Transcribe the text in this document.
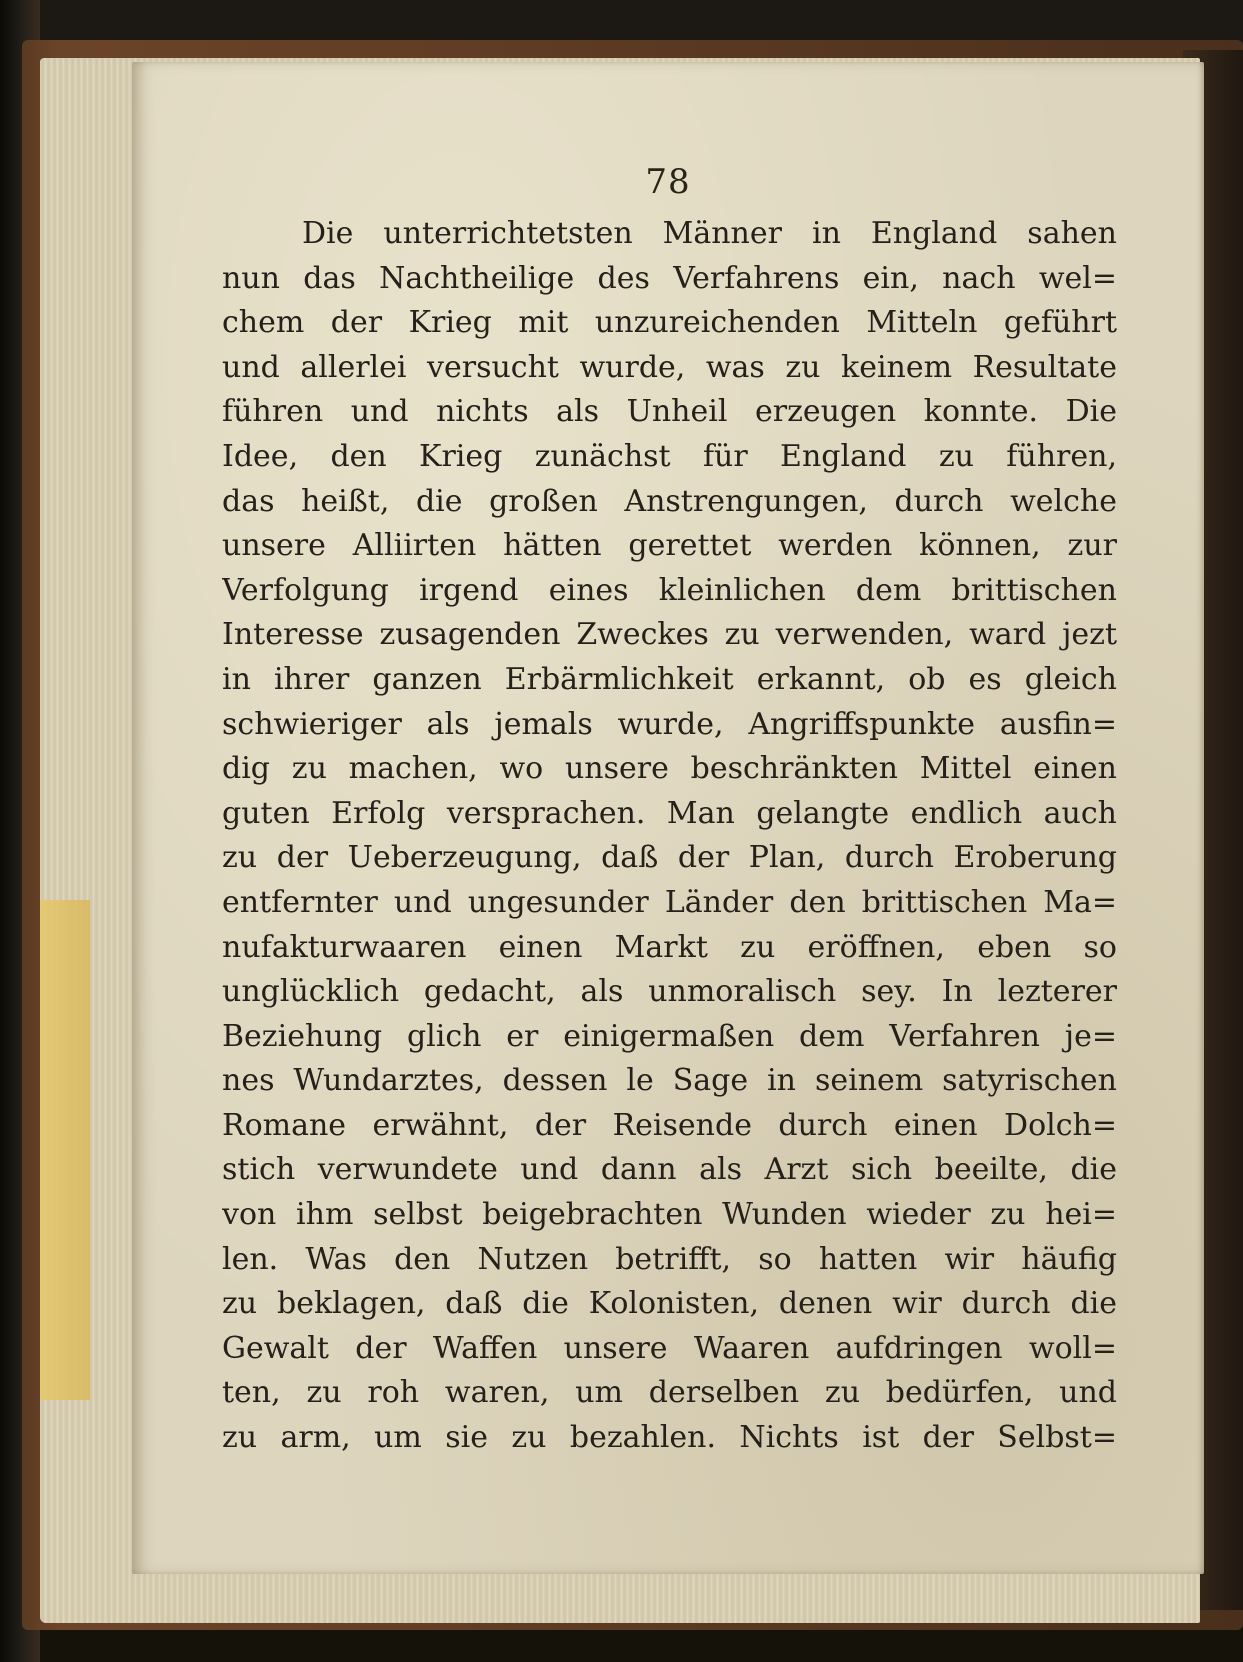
78
Die unterrichtetsten Männer in England sahen
nun das Nachtheilige des Verfahrens ein, nach wel=
chem der Krieg mit unzureichenden Mitteln geführt
und allerlei versucht wurde, was zu keinem Resultate
führen und nichts als Unheil erzeugen konnte. Die
Idee, den Krieg zunächst für England zu führen,
das heißt, die großen Anstrengungen, durch welche
unsere Alliirten hätten gerettet werden können, zur
Verfolgung irgend eines kleinlichen dem brittischen
Interesse zusagenden Zweckes zu verwenden, ward jezt
in ihrer ganzen Erbärmlichkeit erkannt, ob es gleich
schwieriger als jemals wurde, Angriffspunkte ausfin=
dig zu machen, wo unsere beschränkten Mittel einen
guten Erfolg versprachen. Man gelangte endlich auch
zu der Ueberzeugung, daß der Plan, durch Eroberung
entfernter und ungesunder Länder den brittischen Ma=
nufakturwaaren einen Markt zu eröffnen, eben so
unglücklich gedacht, als unmoralisch sey. In lezterer
Beziehung glich er einigermaßen dem Verfahren je=
nes Wundarztes, dessen le Sage in seinem satyrischen
Romane erwähnt, der Reisende durch einen Dolch=
stich verwundete und dann als Arzt sich beeilte, die
von ihm selbst beigebrachten Wunden wieder zu hei=
len. Was den Nutzen betrifft, so hatten wir häufig
zu beklagen, daß die Kolonisten, denen wir durch die
Gewalt der Waffen unsere Waaren aufdringen woll=
ten, zu roh waren, um derselben zu bedürfen, und
zu arm, um sie zu bezahlen. Nichts ist der Selbst=
